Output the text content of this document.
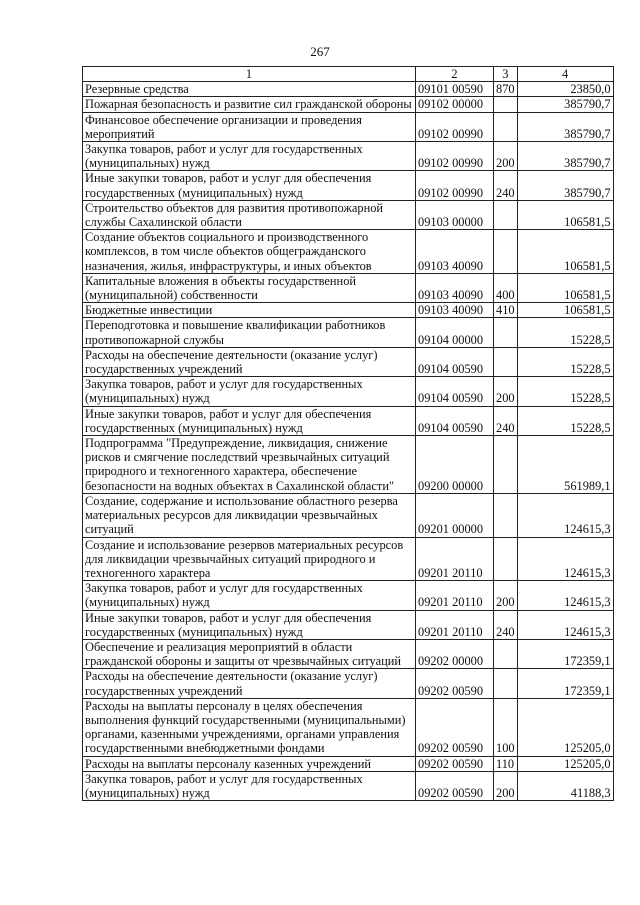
267
1	2	3	4
Резервные средства	09101 00590	870	23850,0
Пожарная безопасность и развитие сил гражданской обороны	09102 00000		385790,7
Финансовое обеспечение организации и проведения мероприятий	09102 00990		385790,7
Закупка товаров, работ и услуг для государственных (муниципальных) нужд	09102 00990	200	385790,7
Иные закупки товаров, работ и услуг для обеспечения государственных (муниципальных) нужд	09102 00990	240	385790,7
Строительство объектов для развития противопожарной службы Сахалинской области	09103 00000		106581,5
Создание объектов социального и производственного комплексов, в том числе объектов общегражданского назначения, жилья, инфраструктуры, и иных объектов	09103 40090		106581,5
Капитальные вложения в объекты государственной (муниципальной) собственности	09103 40090	400	106581,5
Бюджетные инвестиции	09103 40090	410	106581,5
Переподготовка и повышение квалификации работников противопожарной службы	09104 00000		15228,5
Расходы на обеспечение деятельности (оказание услуг) государственных учреждений	09104 00590		15228,5
Закупка товаров, работ и услуг для государственных (муниципальных) нужд	09104 00590	200	15228,5
Иные закупки товаров, работ и услуг для обеспечения государственных (муниципальных) нужд	09104 00590	240	15228,5
Подпрограмма "Предупреждение, ликвидация, снижение рисков и смягчение последствий чрезвычайных ситуаций природного и техногенного характера, обеспечение безопасности на водных объектах в Сахалинской области"	09200 00000		561989,1
Создание, содержание и использование областного резерва материальных ресурсов для ликвидации чрезвычайных ситуаций	09201 00000		124615,3
Создание и использование резервов материальных ресурсов для ликвидации чрезвычайных ситуаций природного и техногенного характера	09201 20110		124615,3
Закупка товаров, работ и услуг для государственных (муниципальных) нужд	09201 20110	200	124615,3
Иные закупки товаров, работ и услуг для обеспечения государственных (муниципальных) нужд	09201 20110	240	124615,3
Обеспечение и реализация мероприятий в области гражданской обороны и защиты от чрезвычайных ситуаций	09202 00000		172359,1
Расходы на обеспечение деятельности (оказание услуг) государственных учреждений	09202 00590		172359,1
Расходы на выплаты персоналу в целях обеспечения выполнения функций государственными (муниципальными) органами, казенными учреждениями, органами управления государственными внебюджетными фондами	09202 00590	100	125205,0
Расходы на выплаты персоналу казенных учреждений	09202 00590	110	125205,0
Закупка товаров, работ и услуг для государственных (муниципальных) нужд	09202 00590	200	41188,3
